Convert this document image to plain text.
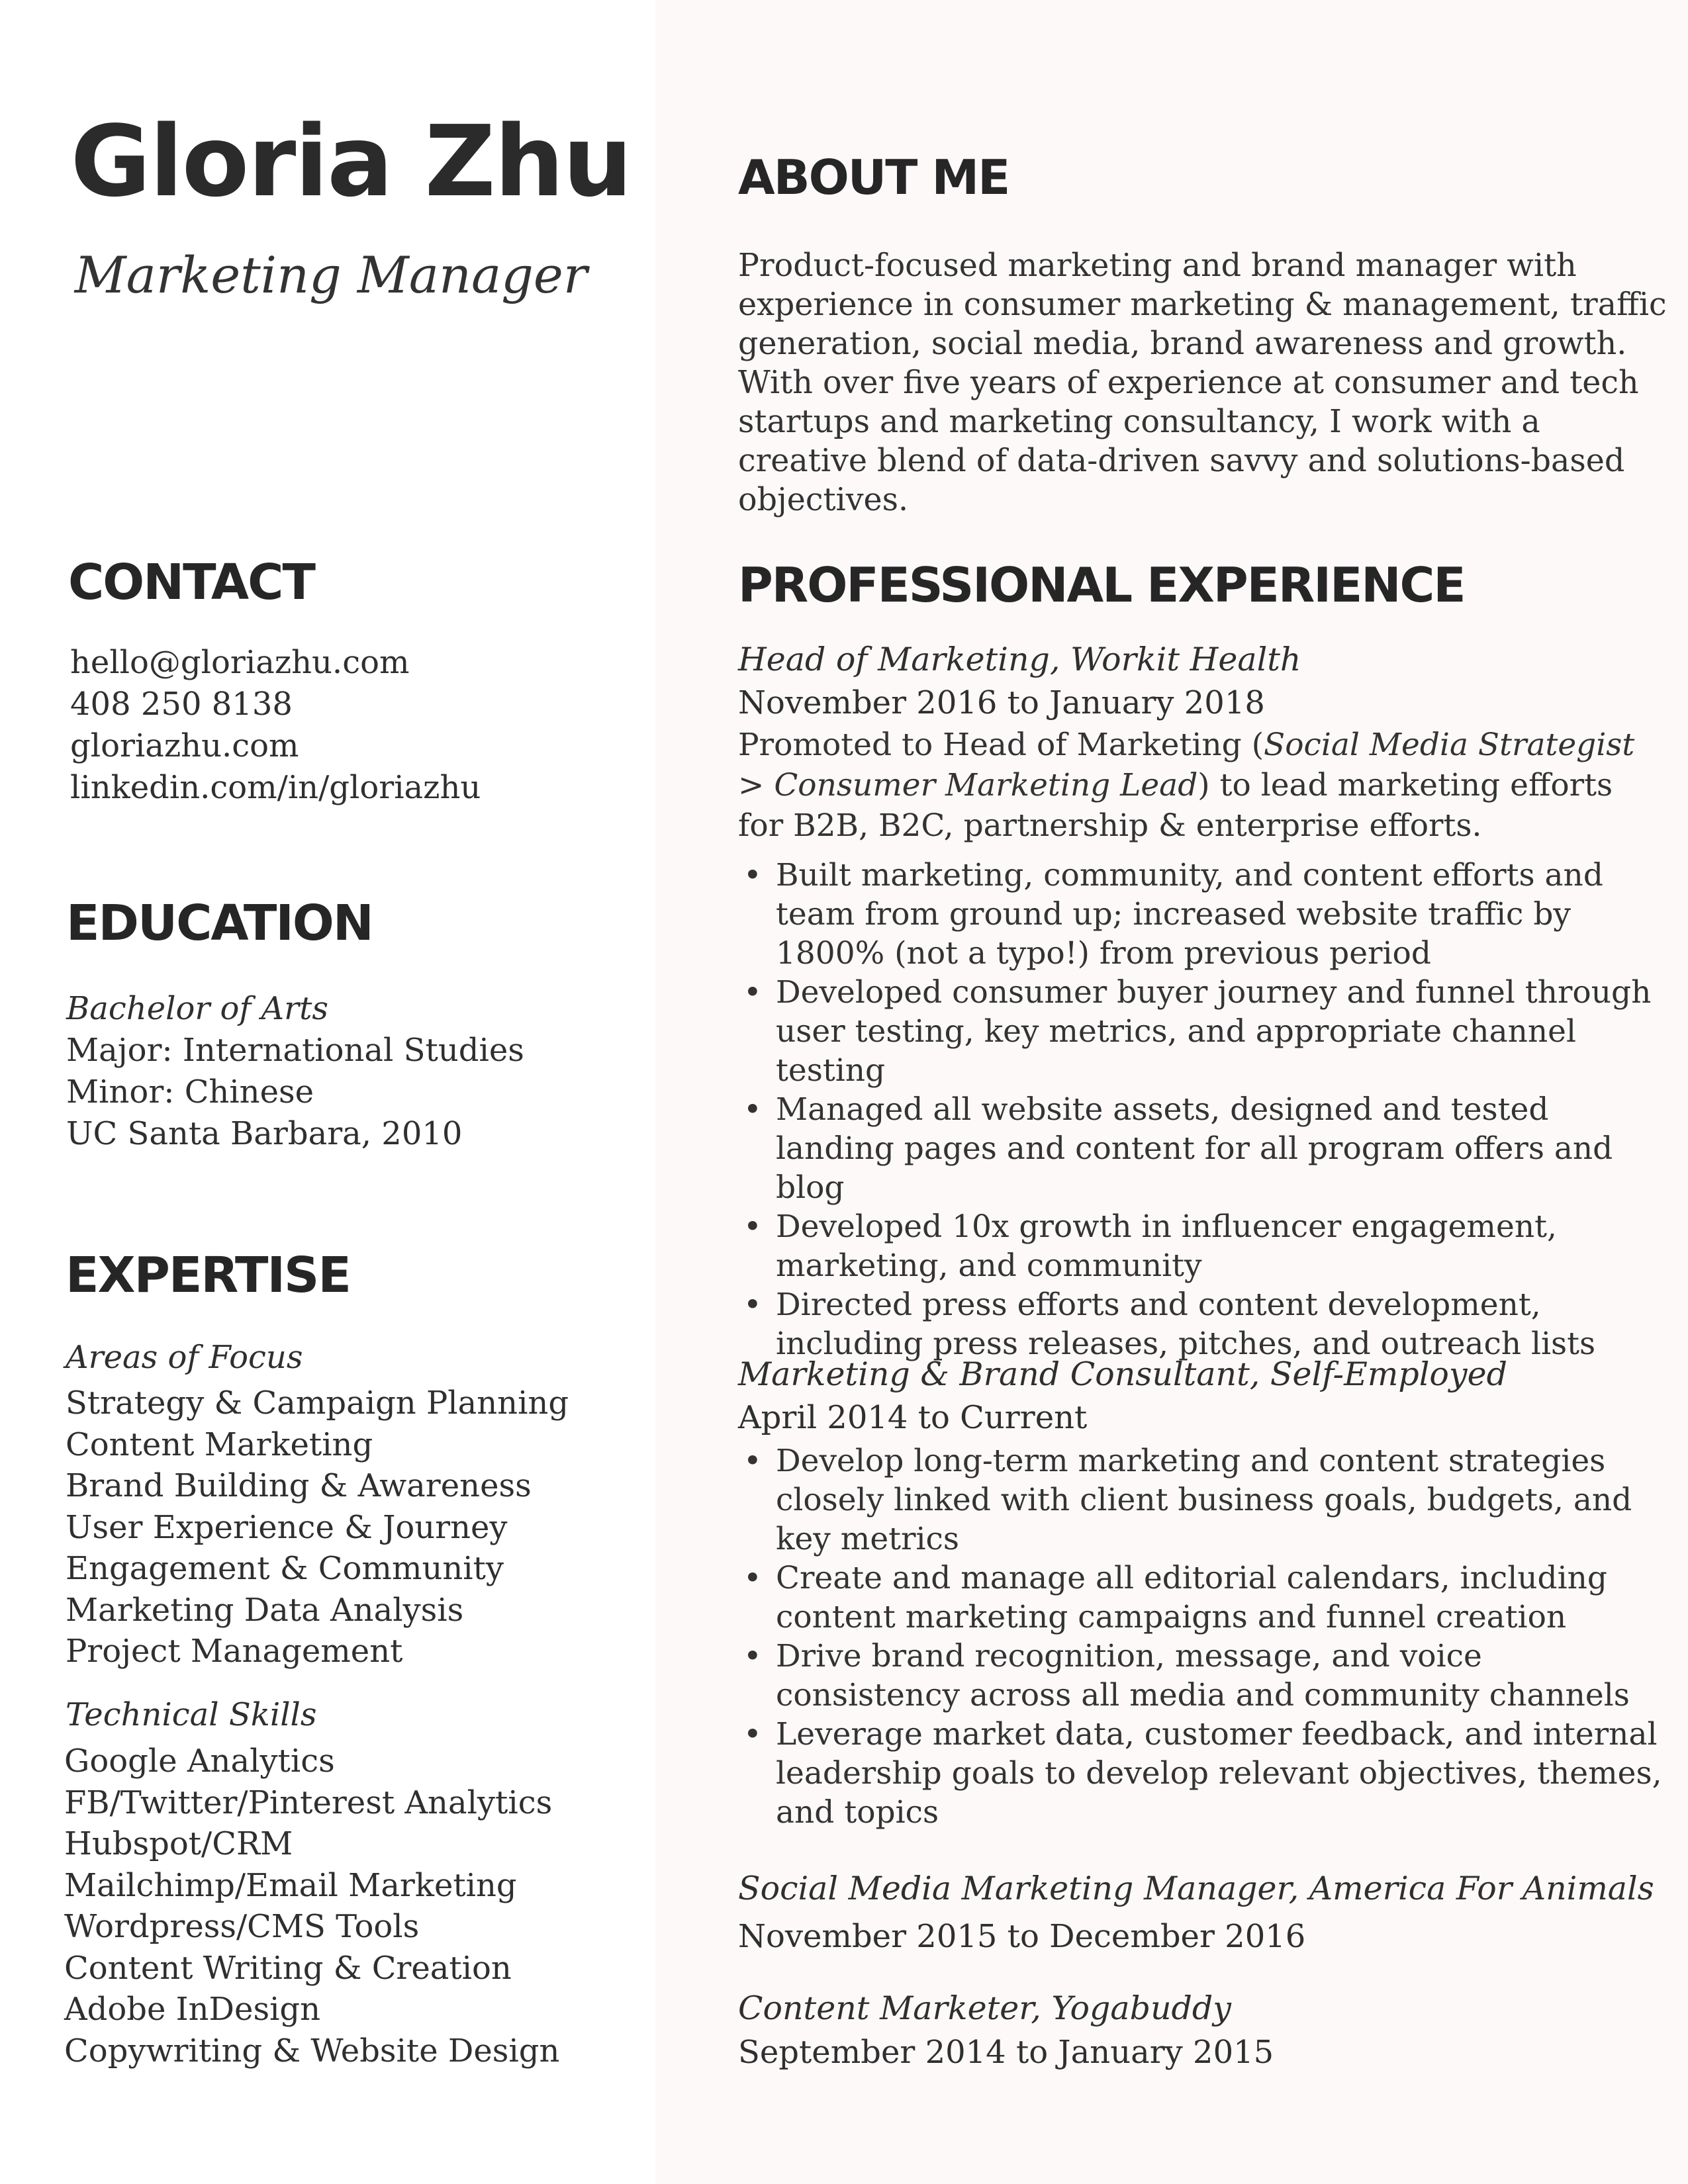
Gloria Zhu
Marketing Manager
CONTACT
hello@gloriazhu.com
408 250 8138
gloriazhu.com
linkedin.com/in/gloriazhu
EDUCATION
Bachelor of Arts
Major: International Studies
Minor: Chinese
UC Santa Barbara, 2010
EXPERTISE
Areas of Focus
Strategy & Campaign Planning
Content Marketing
Brand Building & Awareness
User Experience & Journey
Engagement & Community
Marketing Data Analysis
Project Management
Technical Skills
Google Analytics
FB/Twitter/Pinterest Analytics
Hubspot/CRM
Mailchimp/Email Marketing
Wordpress/CMS Tools
Content Writing & Creation
Adobe InDesign
Copywriting & Website Design
ABOUT ME

Product-focused marketing and brand manager with experience in consumer marketing & management, traffic generation, social media, brand awareness and growth. With over five years of experience at consumer and tech startups and marketing consultancy, I work with a creative blend of data-driven savvy and solutions-based objectives.

PROFESSIONAL EXPERIENCE
Head of Marketing, Workit Health
November 2016 to January 2018

Promoted to Head of Marketing (Social Media Strategist > Consumer Marketing Lead) to lead marketing efforts for B2B, B2C, partnership & enterprise efforts.

• Built marketing, community, and content efforts and team from ground up; increased website traffic by 1800% (not a typo!) from previous period
• Developed consumer buyer journey and funnel through user testing, key metrics, and appropriate channel testing
• Managed all website assets, designed and tested landing pages and content for all program offers and blog
• Developed 10x growth in influencer engagement, marketing, and community
• Directed press efforts and content development, including press releases, pitches, and outreach lists
Marketing & Brand Consultant, Self-Employed
April 2014 to Current
• Develop long-term marketing and content strategies closely linked with client business goals, budgets, and key metrics
• Create and manage all editorial calendars, including content marketing campaigns and funnel creation
• Drive brand recognition, message, and voice consistency across all media and community channels
• Leverage market data, customer feedback, and internal leadership goals to develop relevant objectives, themes, and topics
Social Media Marketing Manager, America For Animals
November 2015 to December 2016
Content Marketer, Yogabuddy
September 2014 to January 2015
